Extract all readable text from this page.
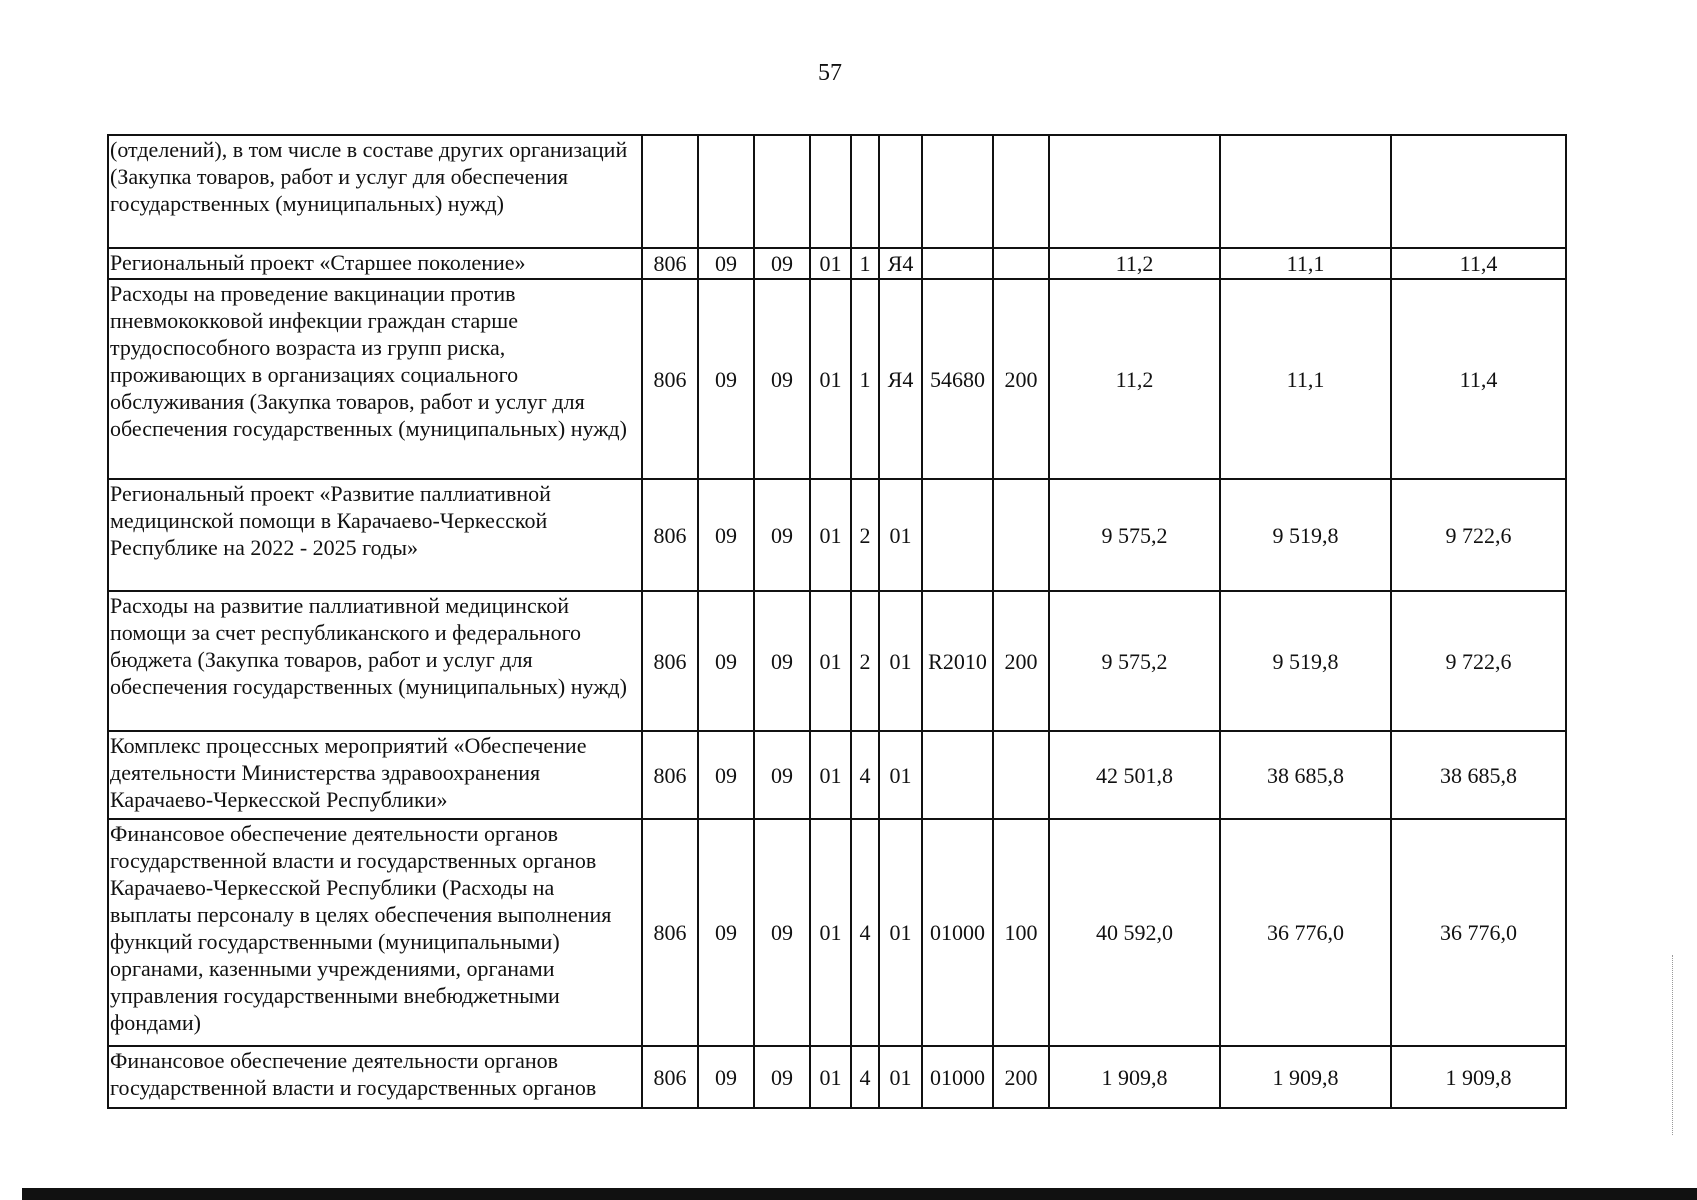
57
(отделений), в том числе в составе других организаций (Закупка товаров, работ и услуг для обеспечения государственных (муниципальных) нужд)											
Региональный проект «Старшее поколение»	806	09	09	01	1	Я4			11,2	11,1	11,4
Расходы на проведение вакцинации против пневмококковой инфекции граждан старше трудоспособного возраста из групп риска, проживающих в организациях социального обслуживания (Закупка товаров, работ и услуг для обеспечения государственных (муниципальных) нужд)	806	09	09	01	1	Я4	54680	200	11,2	11,1	11,4
Региональный проект «Развитие паллиативной медицинской помощи в Карачаево-Черкесской Республике на 2022 - 2025 годы»	806	09	09	01	2	01			9 575,2	9 519,8	9 722,6
Расходы на развитие паллиативной медицинской помощи за счет республиканского и федерального бюджета (Закупка товаров, работ и услуг для обеспечения государственных (муниципальных) нужд)	806	09	09	01	2	01	R2010	200	9 575,2	9 519,8	9 722,6
Комплекс процессных мероприятий «Обеспечение деятельности Министерства здравоохранения Карачаево-Черкесской Республики»	806	09	09	01	4	01			42 501,8	38 685,8	38 685,8
Финансовое обеспечение деятельности органов государственной власти и государственных органов Карачаево-Черкесской Республики (Расходы на выплаты персоналу в целях обеспечения выполнения функций государственными (муниципальными) органами, казенными учреждениями, органами управления государственными внебюджетными фондами)	806	09	09	01	4	01	01000	100	40 592,0	36 776,0	36 776,0
Финансовое обеспечение деятельности органов государственной власти и государственных органов	806	09	09	01	4	01	01000	200	1 909,8	1 909,8	1 909,8
